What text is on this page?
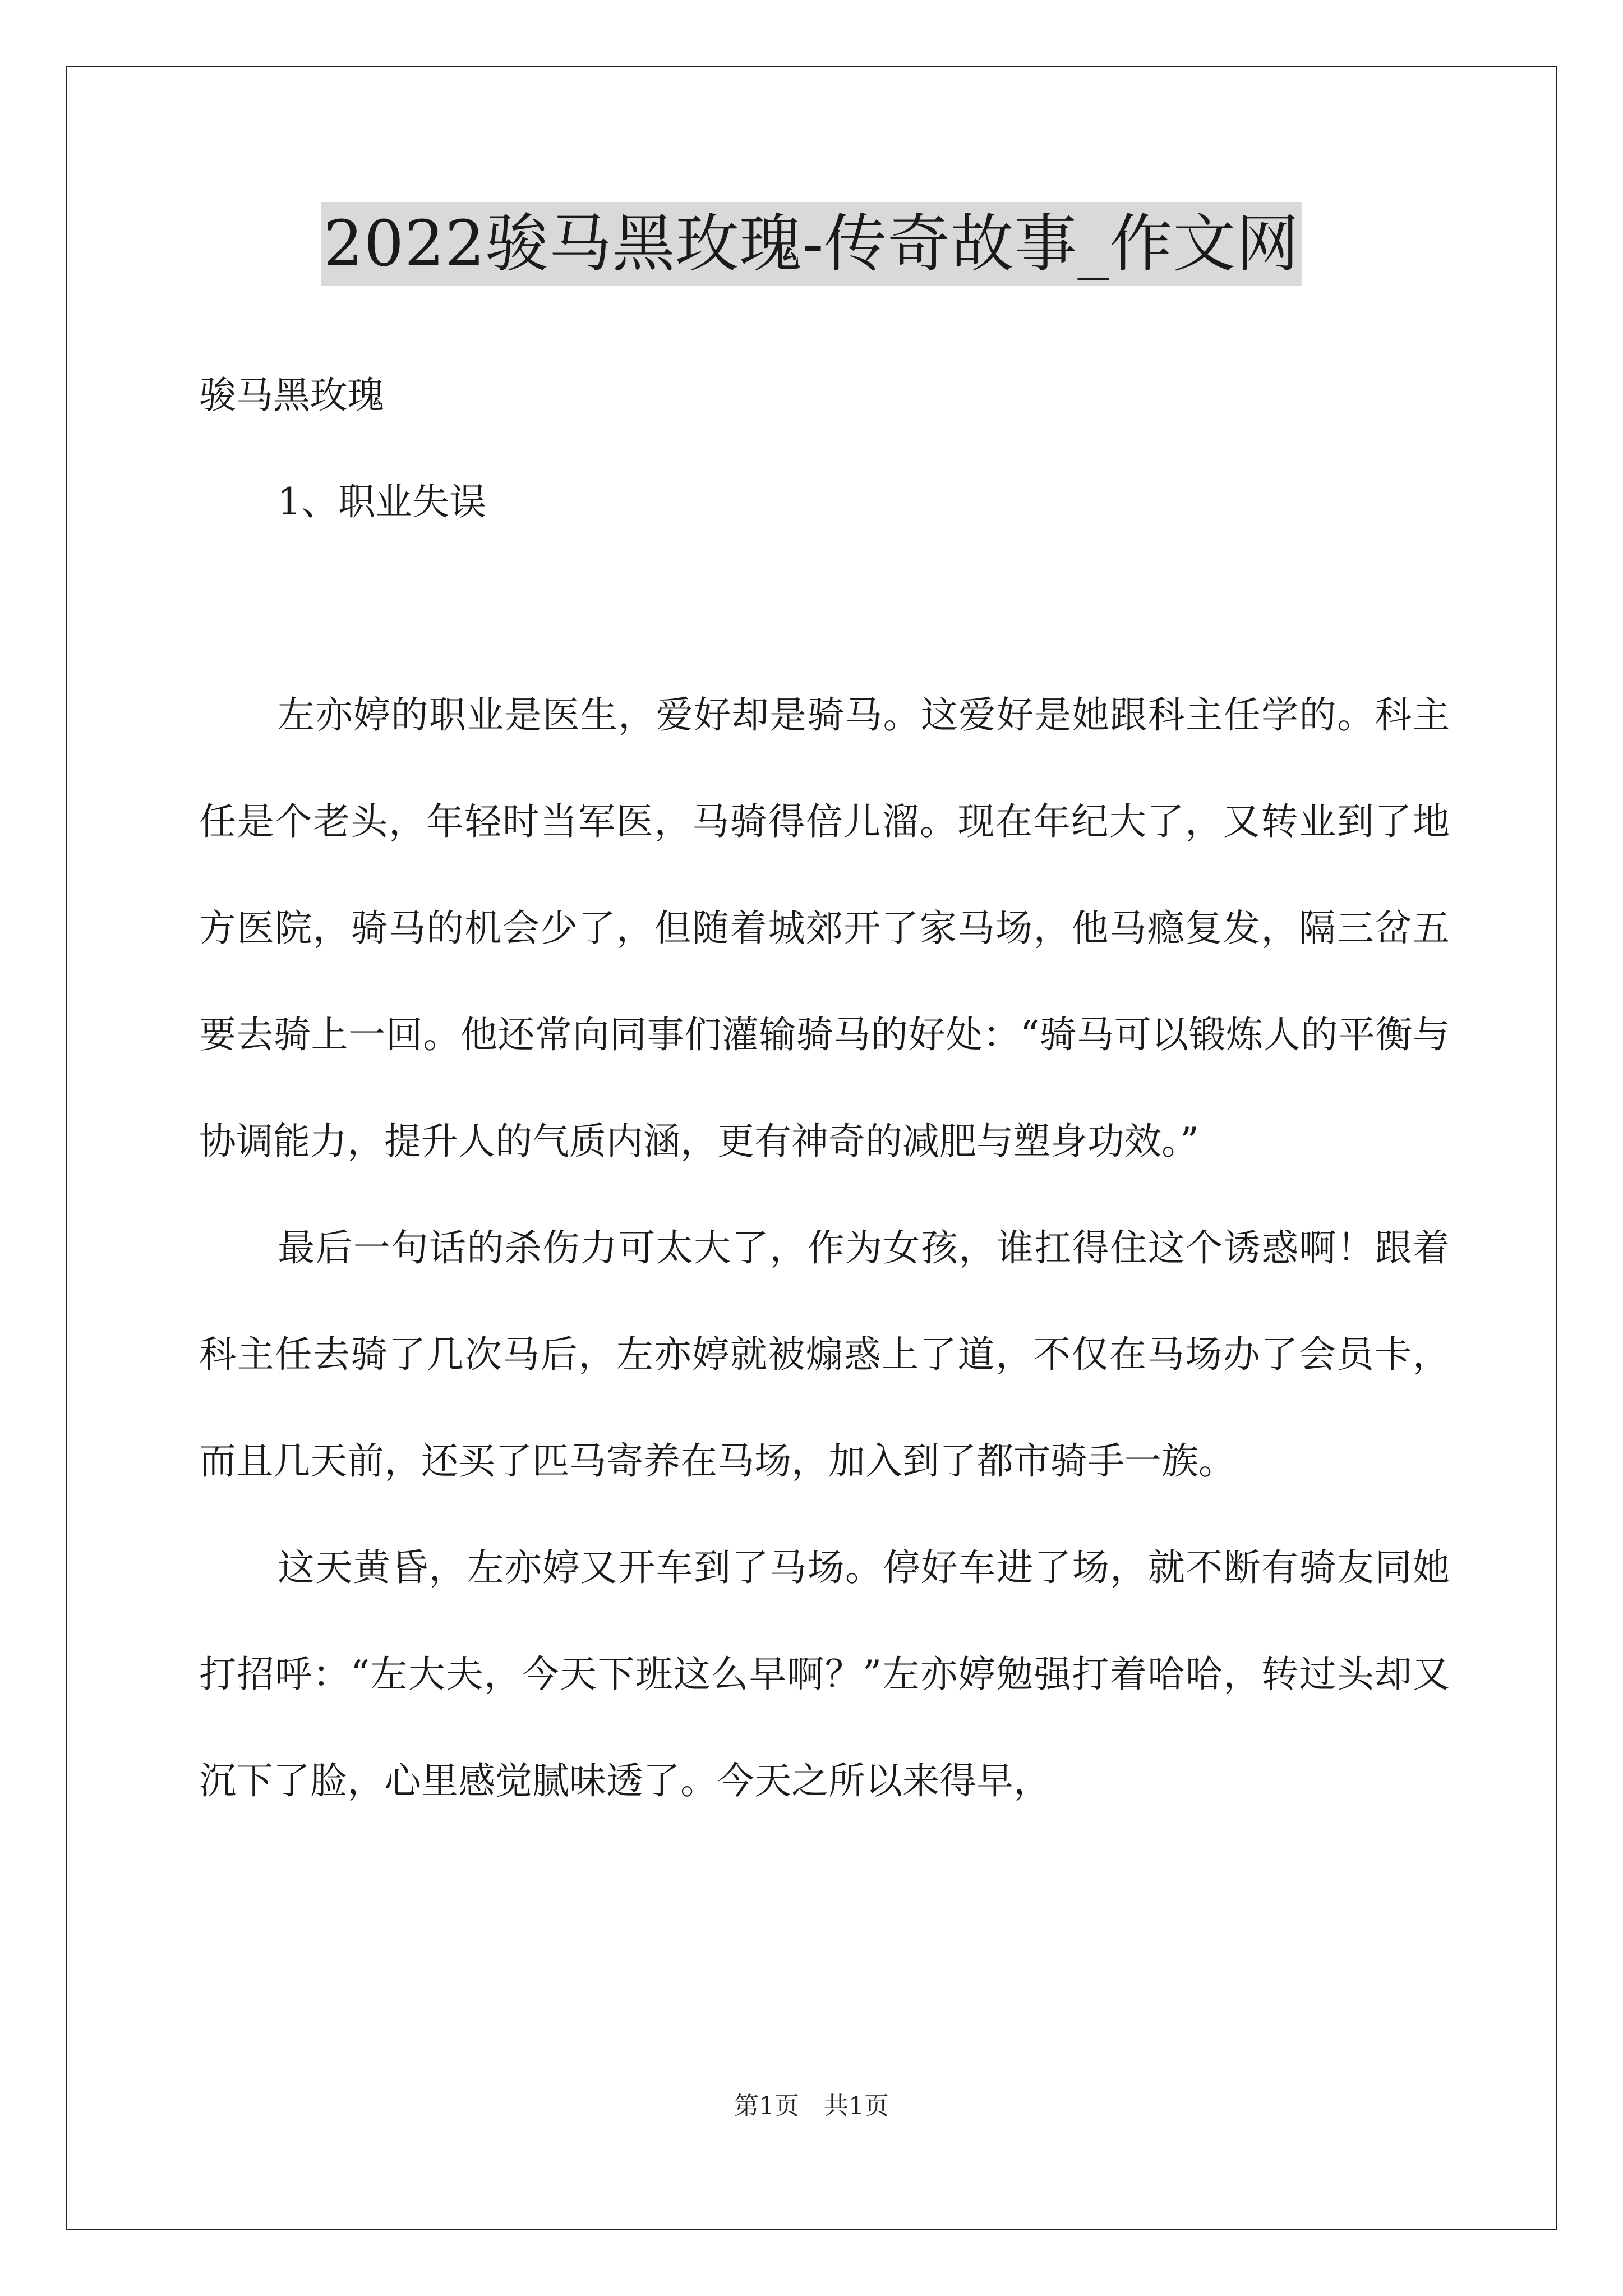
2022骏马黑玫瑰-传奇故事_作文网

骏马黑玫瑰

1、职业失误

左亦婷的职业是医生，爱好却是骑马。这爱好是她跟科主任学的。科主任是个老头，年轻时当军医，马骑得倍儿溜。现在年纪大了，又转业到了地方医院，骑马的机会少了，但随着城郊开了家马场，他马瘾复发，隔三岔五要去骑上一回。他还常向同事们灌输骑马的好处：“骑马可以锻炼人的平衡与协调能力，提升人的气质内涵，更有神奇的减肥与塑身功效。”

最后一句话的杀伤力可太大了，作为女孩，谁扛得住这个诱惑啊！跟着科主任去骑了几次马后，左亦婷就被煽惑上了道，不仅在马场办了会员卡，而且几天前，还买了匹马寄养在马场，加入到了都市骑手一族。

这天黄昏，左亦婷又开车到了马场。停好车进了场，就不断有骑友同她打招呼：“左大夫，今天下班这么早啊？”左亦婷勉强打着哈哈，转过头却又沉下了脸，心里感觉腻味透了。今天之所以来得早，

第1页　共1页
